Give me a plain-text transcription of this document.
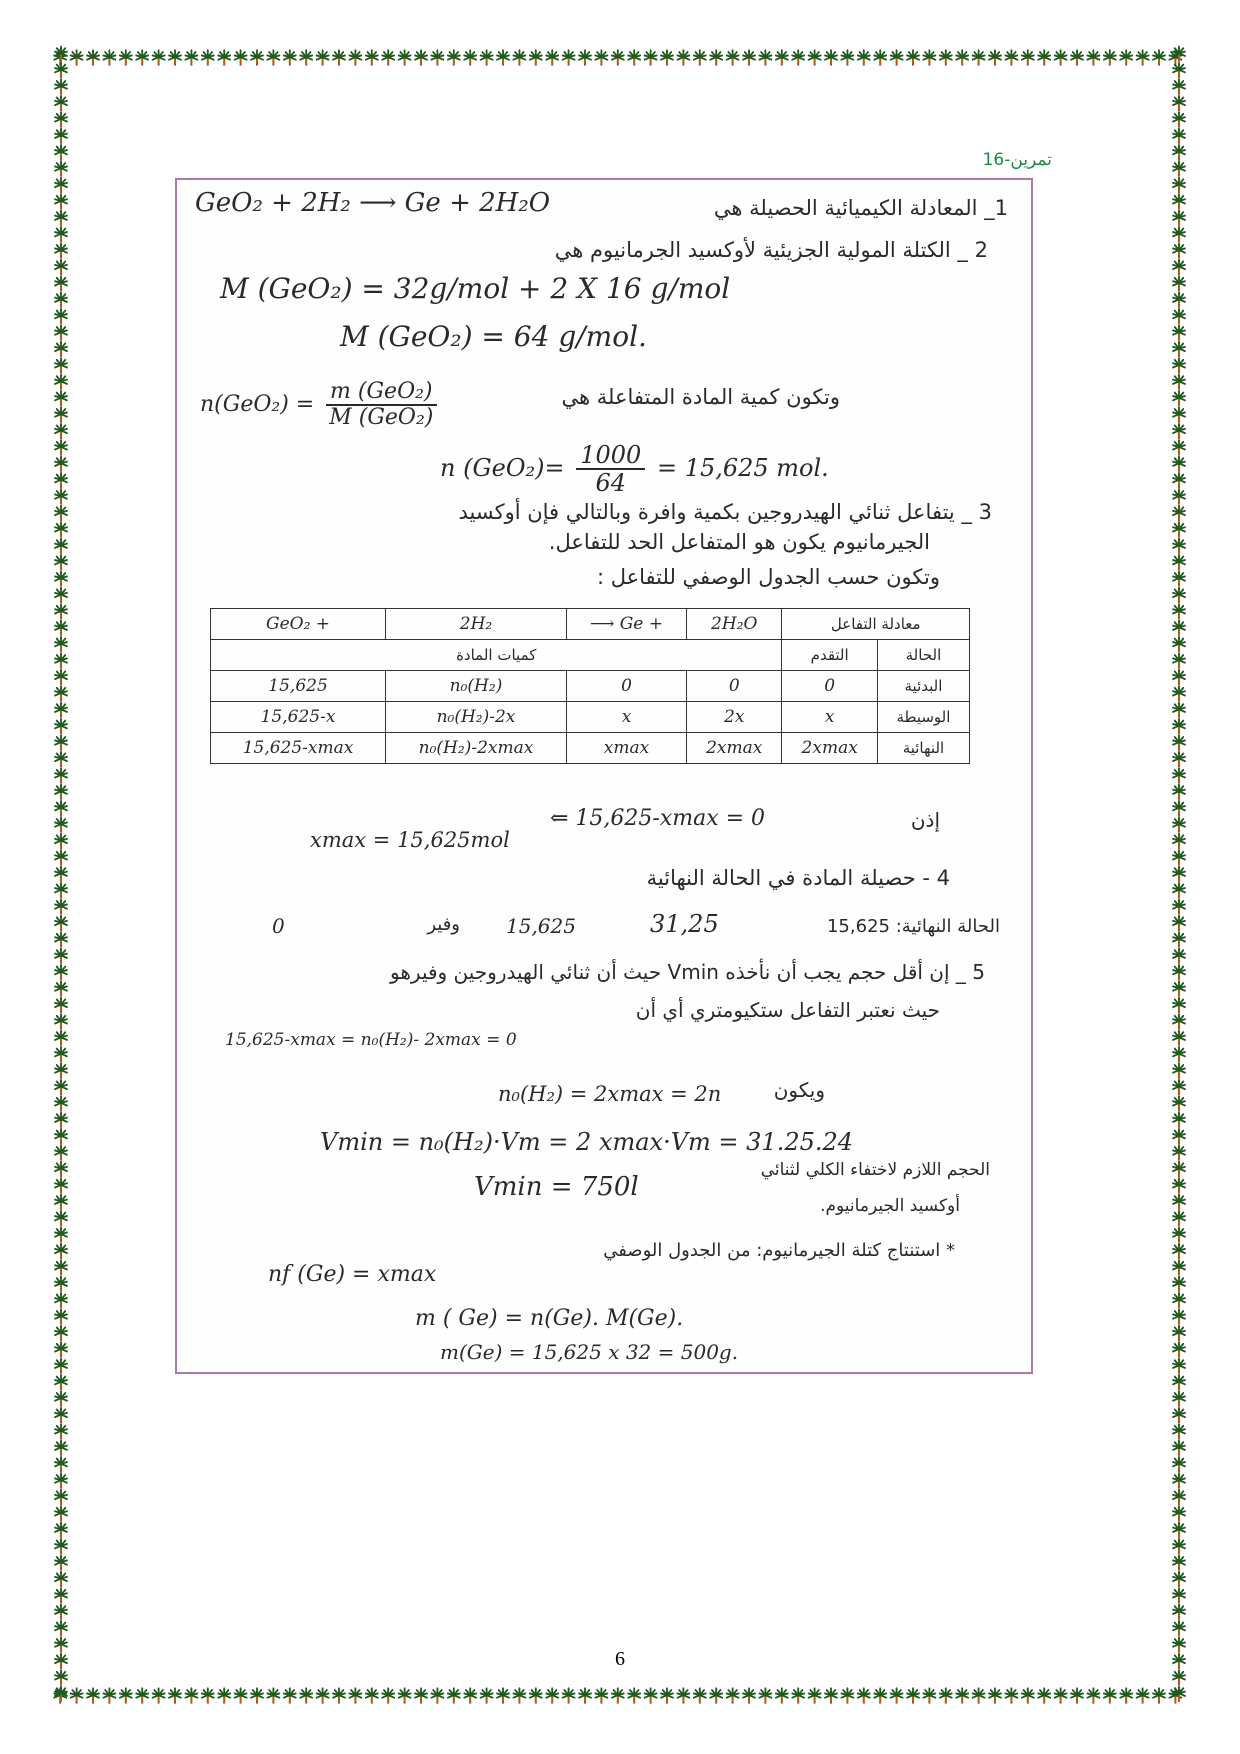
تمرين-16
GeO₂ + 2H₂ ⟶ Ge + 2H₂O	1_ المعادلة الكيميائية الحصيلة هي
2 _ الكتلة المولية الجزيئية لأوكسيد الجرمانيوم هي
M (GeO₂) = 32g/mol + 2 X 16 g/mol
M (GeO₂) = 64 g/mol.
$n(GeO_2) = \frac{\text{m (GeO₂)}}{\text{M (GeO₂)}}$	وتكون كمية المادة المتفاعلة هي
n $(GeO_2)= \frac{1000}{64} = 15,625$ mol.
3 _ يتفاعل ثنائي الهيدروجين بكمية وافرة وبالتالي فإن أوكسيد
الجيرمانيوم يكون هو المتفاعل الحد للتفاعل.
وتكون حسب الجدول الوصفي للتفاعل :
GeO₂ +	2H₂	⟶ Ge +	2H₂O	معادلة التفاعل	
كميات المادة				التقدم	الحالة
15,625	n₀(H₂)	0	0	0	البدئية
15,625-x	n₀(H₂)-2x	x	2x	x	الوسيطة
15,625-xmax	n₀(H₂)-2xmax	xmax	2xmax	2xmax	النهائية
⇐ 15,625-xmax = 0	إذن
xmax = 15,625mol
4 - حصيلة المادة في الحالة النهائية
الحالة النهائية: 15,625
31,25
15,625
وفير
0
5 _ إن أقل حجم يجب أن نأخذه Vmin حيث أن ثنائي الهيدروجين وفيرهو
حيث نعتبر التفاعل ستكيومتري أي أن
15,625-xmax = n₀(H₂)- 2xmax = 0
ويكون
n₀(H₂) = 2xmax = 2n
Vmin = n₀(H₂)·Vm = 2 xmax·Vm = 31.25.24
Vmin = 750l
الحجم اللازم لاختفاء الكلي لثنائي
أوكسيد الجيرمانيوم.
* استنتاج كتلة الجيرمانيوم: من الجدول الوصفي
nf (Ge) = xmax
m ( Ge) = n(Ge). M(Ge).
m(Ge) = 15,625 x 32 = 500g.
6
